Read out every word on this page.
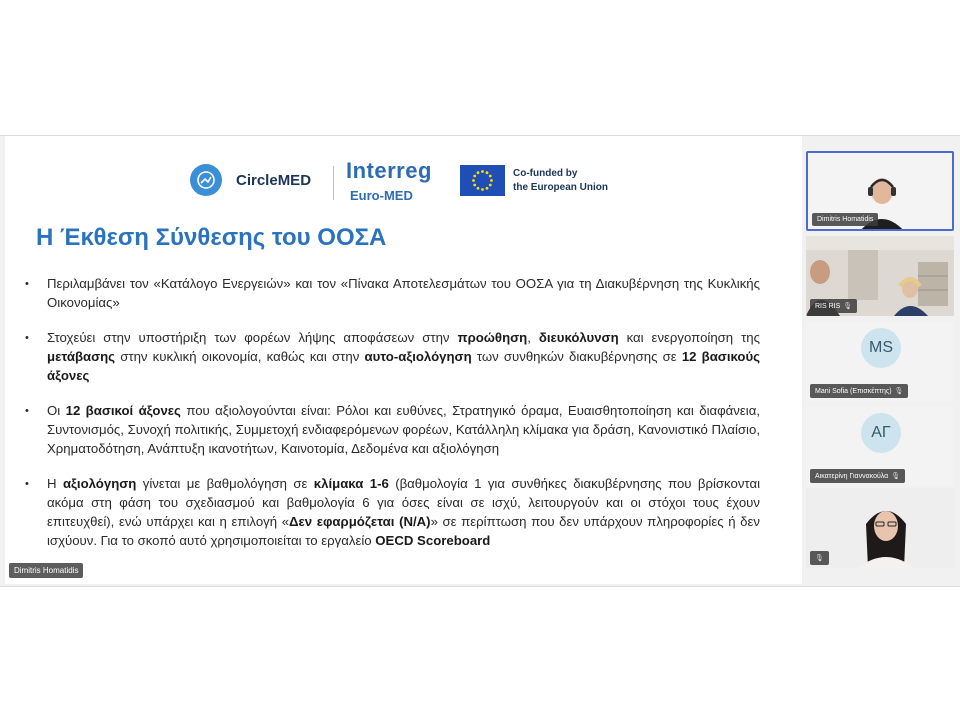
CircleMED Interreg
Euro-MED
Co-funded by
the European Union
Η Έκθεση Σύνθεσης του ΟΟΣΑ
•	Περιλαμβάνει τον «Κατάλογο Ενεργειών» και τον «Πίνακα Αποτελεσμάτων του ΟΟΣΑ για τη Διακυβέρνηση της Κυκλικής Οικονομίας»
•	Στοχεύει στην υποστήριξη των φορέων λήψης αποφάσεων στην προώθηση, διευκόλυνση και ενεργοποίηση της μετάβασης στην κυκλική οικονομία, καθώς και στην αυτο-αξιολόγηση των συνθηκών διακυβέρνησης σε 12 βασικούς άξονες
•	Οι 12 βασικοί άξονες που αξιολογούνται είναι: Ρόλοι και ευθύνες, Στρατηγικό όραμα, Ευαισθητοποίηση και διαφάνεια, Συντονισμός, Συνοχή πολιτικής, Συμμετοχή ενδιαφερόμενων φορέων, Κατάλληλη κλίμακα για δράση, Κανονιστικό Πλαίσιο, Χρηματοδότηση, Ανάπτυξη ικανοτήτων, Καινοτομία, Δεδομένα και αξιολόγηση
•	Η αξιολόγηση γίνεται με βαθμολόγηση σε κλίμακα 1-6 (βαθμολογία 1 για συνθήκες διακυβέρνησης που βρίσκονται ακόμα στη φάση του σχεδιασμού και βαθμολογία 6 για όσες είναι σε ισχύ, λειτουργούν και οι στόχοι τους έχουν επιτευχθεί), ενώ υπάρχει και η επιλογή «Δεν εφαρμόζεται (N/A)» σε περίπτωση που δεν υπάρχουν πληροφορίες ή δεν ισχύουν. Για το σκοπό αυτό χρησιμοποιείται το εργαλείο OECD Scoreboard
Dimitris Homatidis
Dimitris Homatidis
RIS RIS 🎙
MS
Mani Sofia (Επισκέπτης) 🎙
ΑΓ
Αικατερίνη Γιαννακούλα 🎙
🎙
